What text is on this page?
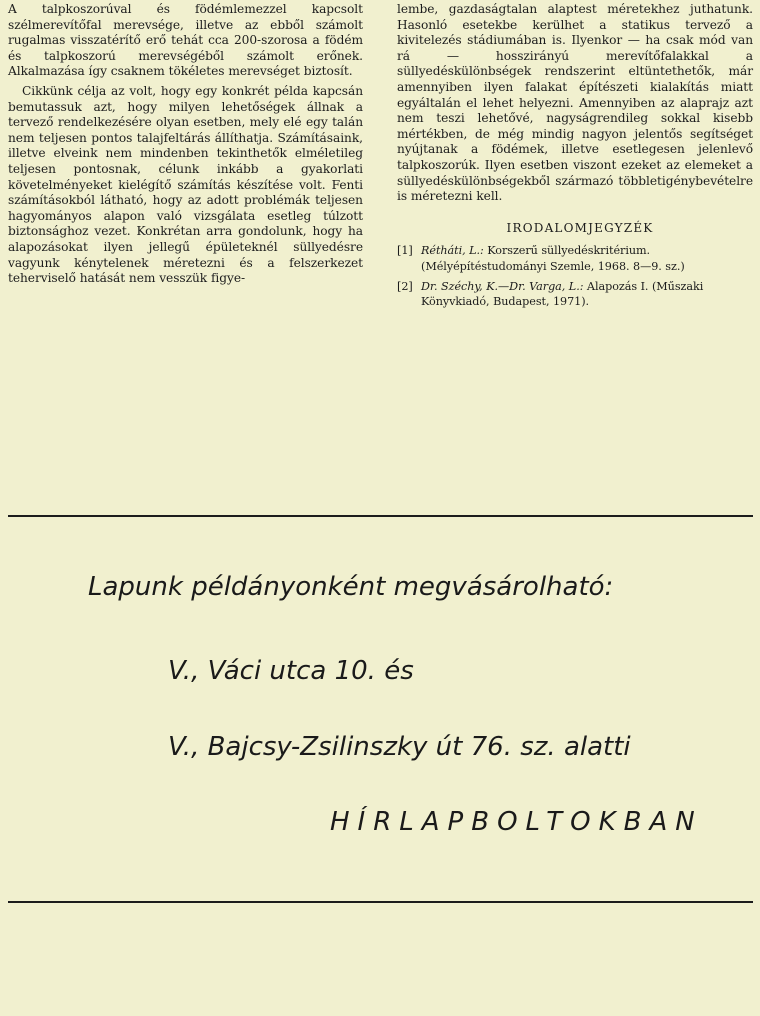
A talpkoszorúval és födémlemezzel kapcsolt szélmerevítőfal merevsége, illetve az ebből számolt rugalmas visszatérítő erő tehát cca 200-szorosa a födém és talpkoszorú merevségéből számolt erőnek. Alkalmazása így csaknem tökéletes merevséget biztosít.

Cikkünk célja az volt, hogy egy konkrét példa kapcsán bemutassuk azt, hogy milyen lehetőségek állnak a tervező rendelkezésére olyan esetben, mely elé egy talán nem teljesen pontos talajfeltárás állíthatja. Számításaink, illetve elveink nem mindenben tekinthetők elméletileg teljesen pontosnak, célunk inkább a gyakorlati követelményeket kielégítő számítás készítése volt. Fenti számításokból látható, hogy az adott problémák teljesen hagyományos alapon való vizsgálata esetleg túlzott biztonsághoz vezet. Konkrétan arra gondolunk, hogy ha alapozásokat ilyen jellegű épületeknél süllyedésre vagyunk kénytelenek méretezni és a felszerkezet teherviselő hatását nem vesszük figye-

lembe, gazdaságtalan alaptest méretekhez juthatunk. Hasonló esetekbe kerülhet a statikus tervező a kivitelezés stádiumában is. Ilyenkor — ha csak mód van rá — hosszirányú merevítőfalakkal a süllyedéskülönbségek rendszerint eltüntethetők, már amennyiben ilyen falakat építészeti kialakítás miatt egyáltalán el lehet helyezni. Amennyiben az alaprajz azt nem teszi lehetővé, nagyságrendileg sokkal kisebb mértékben, de még mindig nagyon jelentős segítséget nyújtanak a födémek, illetve esetlegesen jelenlevő talpkoszorúk. Ilyen esetben viszont ezeket az elemeket a süllyedéskülönbségekből származó többletigénybevételre is méretezni kell.

IRODALOMJEGYZÉK

[1] Réthát‌i, L.: Korszerű süllyedéskritérium. (Mélyépítéstudományi Szemle, 1968. 8—9. sz.)

[2] Dr. Széchy, K.—Dr. Varga, L.: Alapozás I. (Műszaki Könyvkiadó, Budapest, 1971).

Lapunk példányonként megvásárolható:
V., Váci utca 10. és
V., Bajcsy-Zsilinszky út 76. sz. alatti
HÍRLAPBOLTOKBAN
